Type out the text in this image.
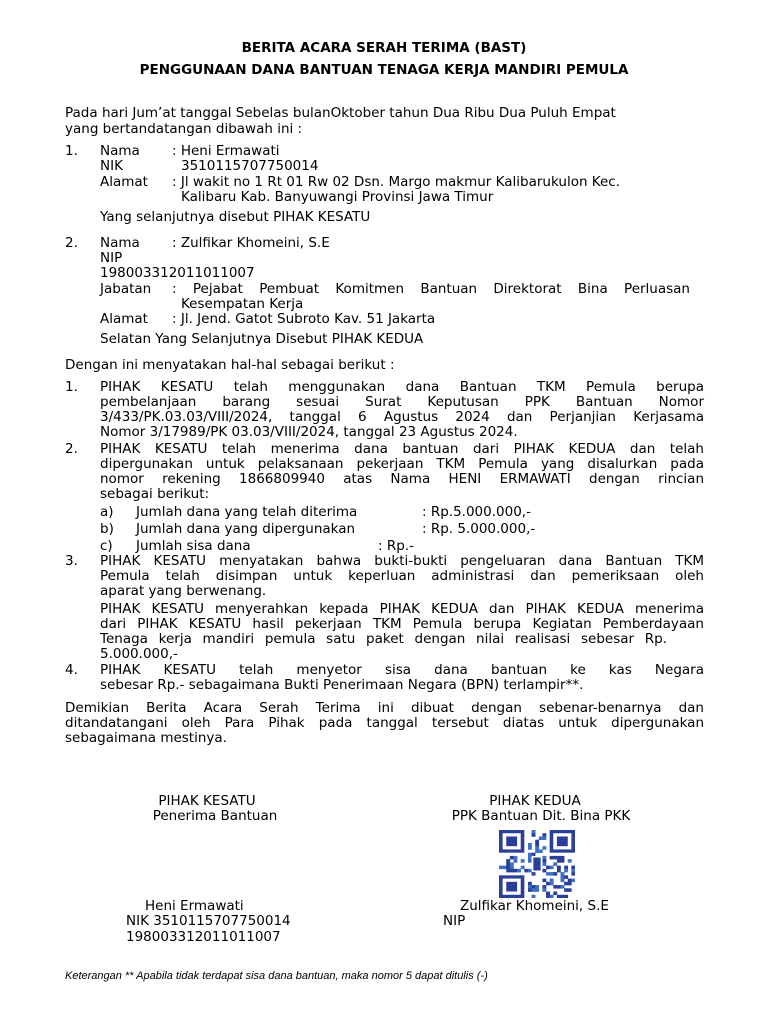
BERITA ACARA SERAH TERIMA (BAST)
PENGGUNAAN DANA BANTUAN TENAGA KERJA MANDIRI PEMULA
Pada hari Jum’at tanggal Sebelas bulanOktober tahun Dua Ribu Dua Puluh Empat
yang bertandatangan dibawah ini :
1. Nama : Heni Ermawati
NIK	3510115707750014
Alamat : Jl wakit no 1 Rt 01 Rw 02 Dsn. Margo makmur Kalibarukulon Kec.
Kalibaru Kab. Banyuwangi Provinsi Jawa Timur
Yang selanjutnya disebut PIHAK KESATU
2. Nama : Zulfikar Khomeini, S.E
NIP
198003312011011007
Jabatan : Pejabat Pembuat Komitmen Bantuan Direktorat Bina Perluasan
Kesempatan Kerja
Alamat : Jl. Jend. Gatot Subroto Kav. 51 Jakarta
Selatan Yang Selanjutnya Disebut PIHAK KEDUA
Dengan ini menyatakan hal-hal sebagai berikut :
1. PIHAK KESATU telah menggunakan dana Bantuan TKM Pemula berupa
pembelanjaan barang sesuai Surat Keputusan PPK Bantuan Nomor
3/433/PK.03.03/VIII/2024, tanggal 6 Agustus 2024 dan Perjanjian Kerjasama
Nomor 3/17989/PK 03.03/VIII/2024, tanggal 23 Agustus 2024.
2. PIHAK KESATU telah menerima dana bantuan dari PIHAK KEDUA dan telah
dipergunakan untuk pelaksanaan pekerjaan TKM Pemula yang disalurkan pada
nomor rekening 1866809940 atas Nama HENI ERMAWATI dengan rincian
sebagai berikut:
a) Jumlah dana yang telah diterima	: Rp.5.000.000,-
b) Jumlah dana yang dipergunakan	: Rp. 5.000.000,-
c) Jumlah sisa dana	: Rp.-
3. PIHAK KESATU menyatakan bahwa bukti-bukti pengeluaran dana Bantuan TKM
Pemula telah disimpan untuk keperluan administrasi dan pemeriksaan oleh
aparat yang berwenang.
PIHAK KESATU menyerahkan kepada PIHAK KEDUA dan PIHAK KEDUA menerima
dari PIHAK KESATU hasil pekerjaan TKM Pemula berupa Kegiatan Pemberdayaan
Tenaga kerja mandiri pemula satu paket dengan nilai realisasi sebesar Rp.
5.000.000,-
4. PIHAK KESATU telah menyetor sisa dana bantuan ke kas Negara
sebesar Rp.- sebagaimana Bukti Penerimaan Negara (BPN) terlampir**.
Demikian Berita Acara Serah Terima ini dibuat dengan sebenar-benarnya dan
ditandatangani oleh Para Pihak pada tanggal tersebut diatas untuk dipergunakan
sebagaimana mestinya.
PIHAK KESATU
Penerima Bantuan
Heni Ermawati
NIK 3510115707750014
198003312011011007
PIHAK KEDUA
PPK Bantuan Dit. Bina PKK
Zulfikar Khomeini, S.E
NIP
Keterangan ** Apabila tidak terdapat sisa dana bantuan, maka nomor 5 dapat ditulis (-)
